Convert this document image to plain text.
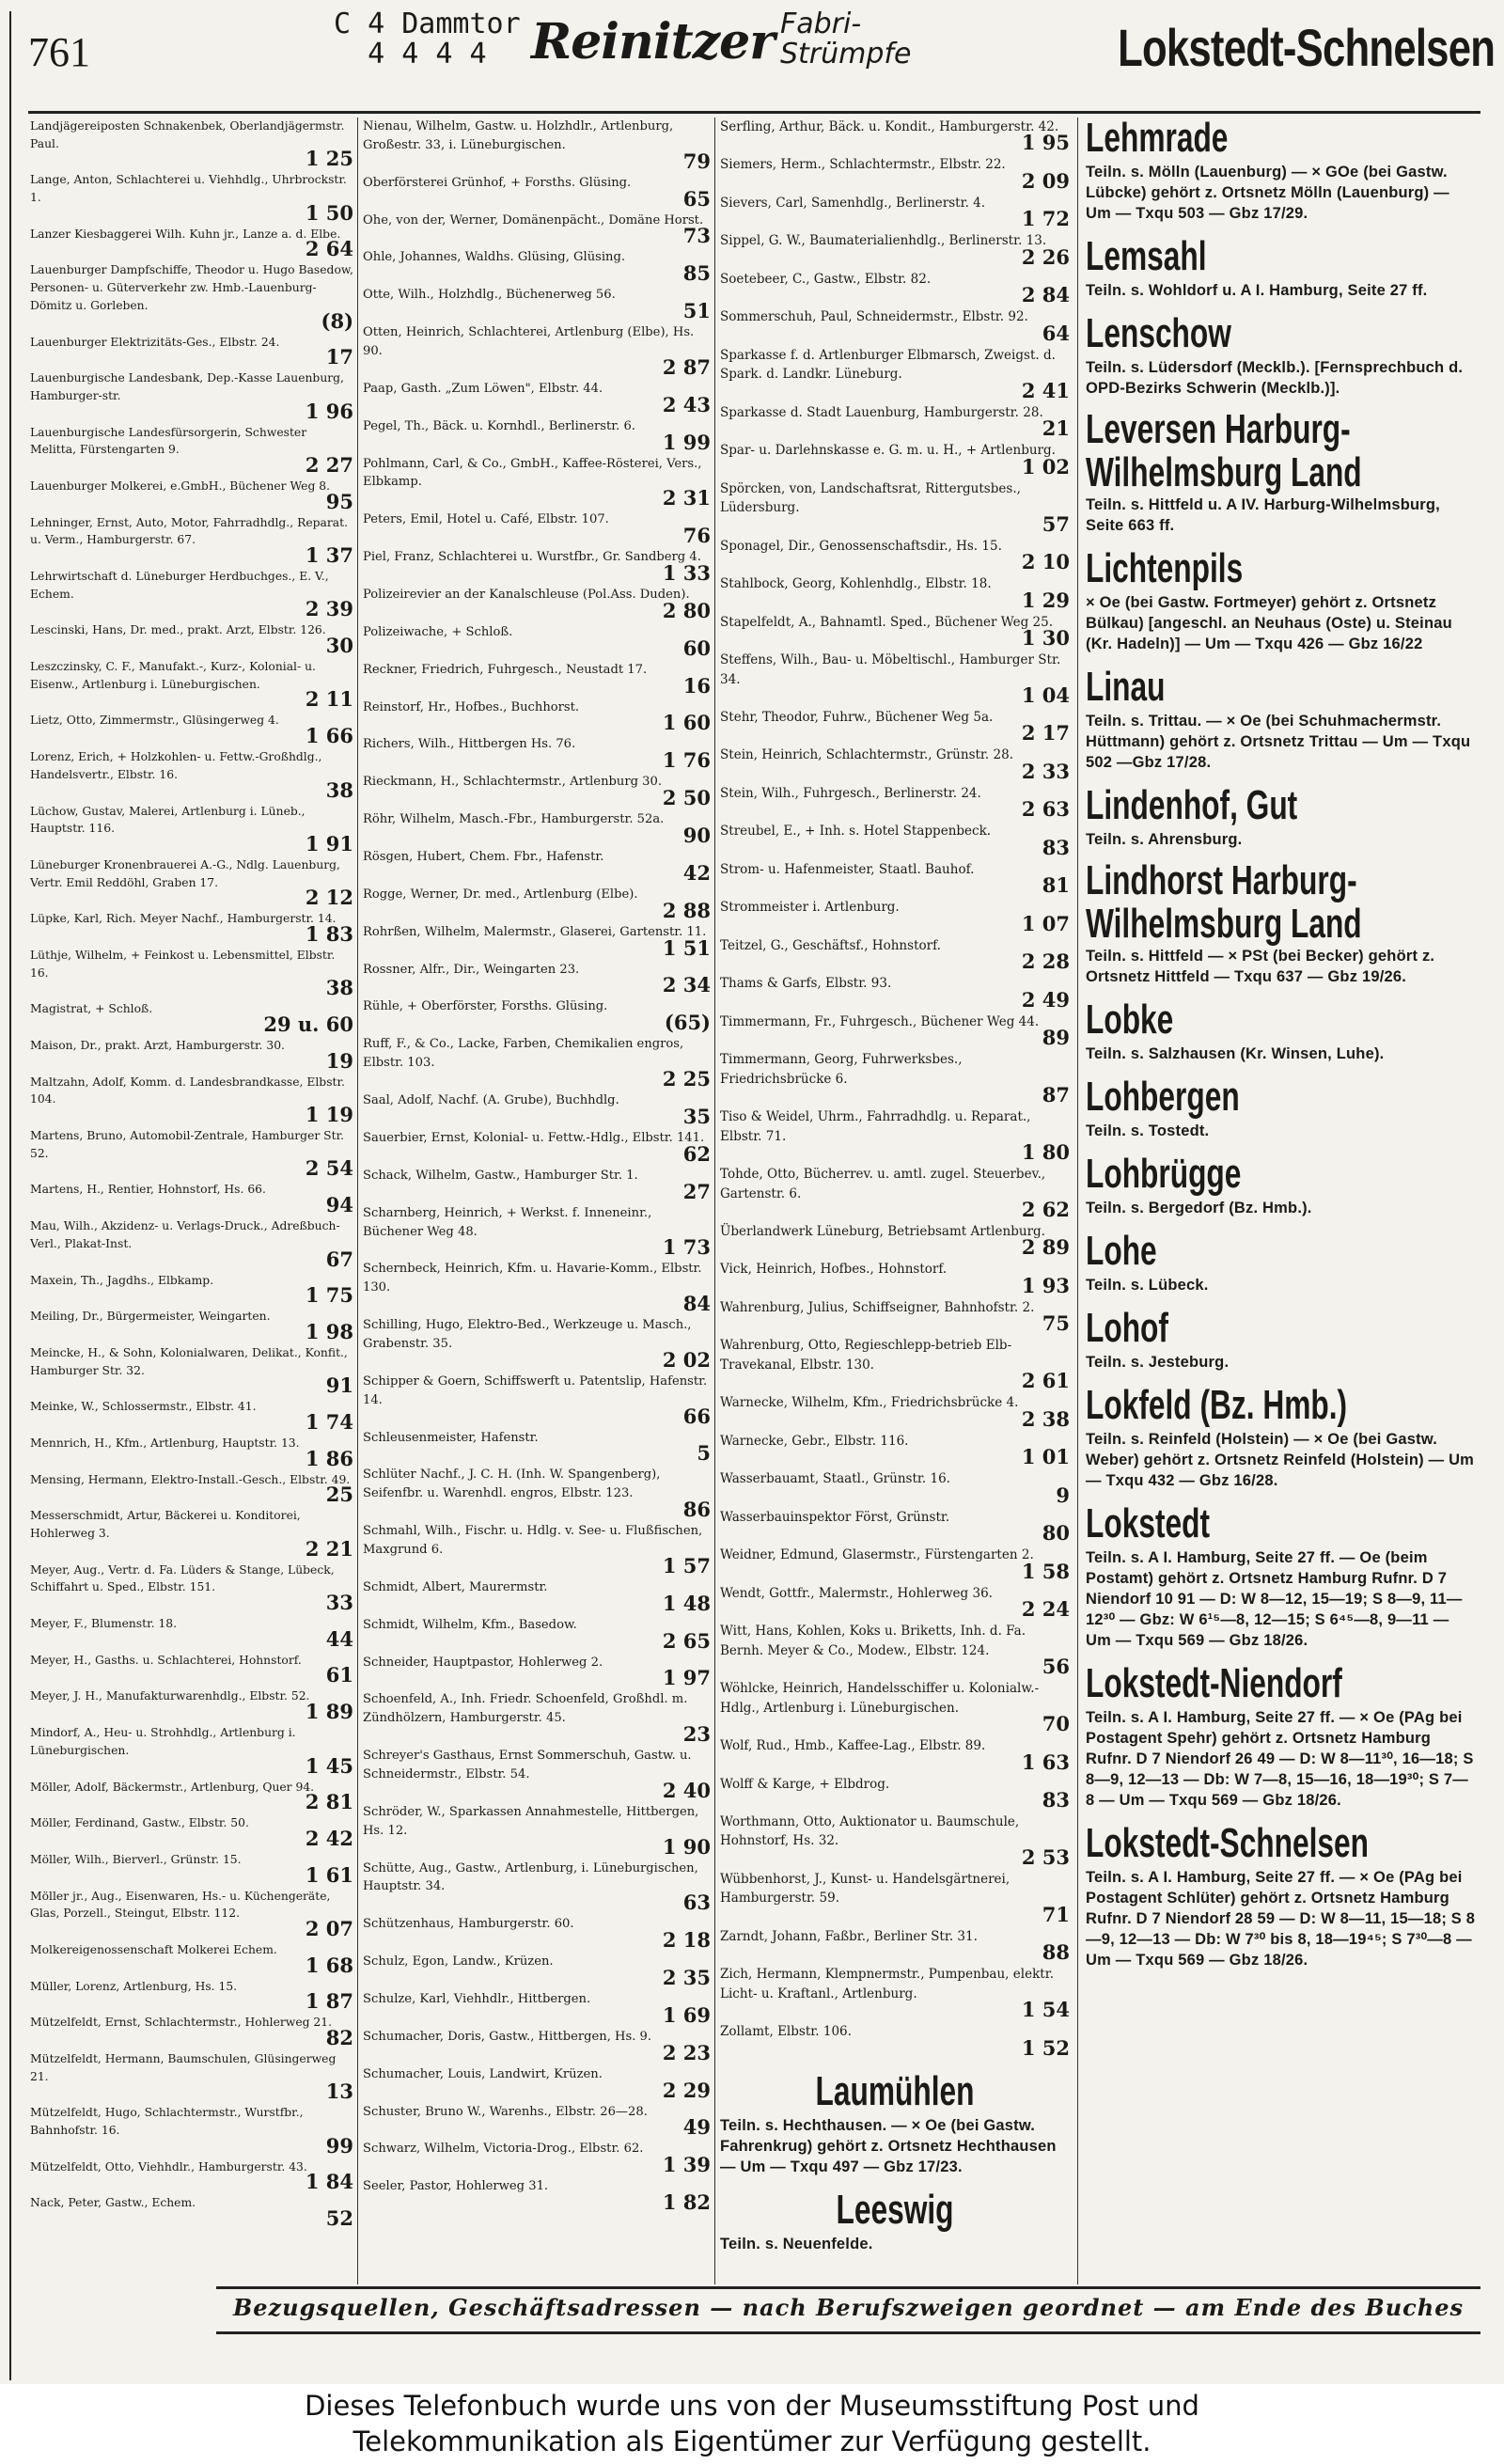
761
C 4 Dammtor
4 4 4 4 Reinitzer Fabri-
Strümpfe	Lokstedt-Schnelsen
Landjägereiposten Schnakenbek, Oberlandjägermstr. Paul.
1 25
Lange, Anton, Schlachterei u. Viehhdlg., Uhrbrockstr. 1.
1 50
Lanzer Kiesbaggerei Wilh. Kuhn jr., Lanze a. d. Elbe.
2 64
Lauenburger Dampfschiffe, Theodor u. Hugo Basedow, Personen- u. Güterverkehr zw. Hmb.-Lauenburg-Dömitz u. Gorleben.
(8)
Lauenburger Elektrizitäts-Ges., Elbstr. 24.
17
Lauenburgische Landesbank, Dep.-Kasse Lauenburg, Hamburger-str.
1 96
Lauenburgische Landesfürsorgerin, Schwester Melitta, Fürstengarten 9.
2 27
Lauenburger Molkerei, e.GmbH., Büchener Weg 8.
95
Lehninger, Ernst, Auto, Motor, Fahrradhdlg., Reparat. u. Verm., Hamburgerstr. 67.
1 37
Lehrwirtschaft d. Lüneburger Herdbuchges., E. V., Echem.
2 39
Lescinski, Hans, Dr. med., prakt. Arzt, Elbstr. 126.
30
Leszczinsky, C. F., Manufakt.-, Kurz-, Kolonial- u. Eisenw., Artlenburg i. Lüneburgischen.
2 11
Lietz, Otto, Zimmermstr., Glüsingerweg 4.
1 66
Lorenz, Erich, + Holzkohlen- u. Fettw.-Großhdlg., Handelsvertr., Elbstr. 16.
38
Lüchow, Gustav, Malerei, Artlenburg i. Lüneb., Hauptstr. 116.
1 91
Lüneburger Kronenbrauerei A.-G., Ndlg. Lauenburg, Vertr. Emil Reddöhl, Graben 17.
2 12
Lüpke, Karl, Rich. Meyer Nachf., Hamburgerstr. 14.
1 83
Lüthje, Wilhelm, + Feinkost u. Lebensmittel, Elbstr. 16.
38
Magistrat, + Schloß.
29 u. 60
Maison, Dr., prakt. Arzt, Hamburgerstr. 30.
19
Maltzahn, Adolf, Komm. d. Landesbrandkasse, Elbstr. 104.
1 19
Martens, Bruno, Automobil-Zentrale, Hamburger Str. 52.
2 54
Martens, H., Rentier, Hohnstorf, Hs. 66.
94
Mau, Wilh., Akzidenz- u. Verlags-Druck., Adreßbuch-Verl., Plakat-Inst.
67
Maxein, Th., Jagdhs., Elbkamp.
1 75
Meiling, Dr., Bürgermeister, Weingarten.
1 98
Meincke, H., & Sohn, Kolonialwaren, Delikat., Konfit., Hamburger Str. 32.
91
Meinke, W., Schlossermstr., Elbstr. 41.
1 74
Mennrich, H., Kfm., Artlenburg, Hauptstr. 13.
1 86
Mensing, Hermann, Elektro-Install.-Gesch., Elbstr. 49.
25
Messerschmidt, Artur, Bäckerei u. Konditorei, Hohlerweg 3.
2 21
Meyer, Aug., Vertr. d. Fa. Lüders & Stange, Lübeck, Schiffahrt u. Sped., Elbstr. 151.
33
Meyer, F., Blumenstr. 18.
44
Meyer, H., Gasths. u. Schlachterei, Hohnstorf.
61
Meyer, J. H., Manufakturwarenhdlg., Elbstr. 52.
1 89
Mindorf, A., Heu- u. Strohhdlg., Artlenburg i. Lüneburgischen.
1 45
Möller, Adolf, Bäckermstr., Artlenburg, Quer 94.
2 81
Möller, Ferdinand, Gastw., Elbstr. 50.
2 42
Möller, Wilh., Bierverl., Grünstr. 15.
1 61
Möller jr., Aug., Eisenwaren, Hs.- u. Küchengeräte, Glas, Porzell., Steingut, Elbstr. 112.
2 07
Molkereigenossenschaft Molkerei Echem.
1 68
Müller, Lorenz, Artlenburg, Hs. 15.
1 87
Mützelfeldt, Ernst, Schlachtermstr., Hohlerweg 21.
82
Mützelfeldt, Hermann, Baumschulen, Glüsingerweg 21.
13
Mützelfeldt, Hugo, Schlachtermstr., Wurstfbr., Bahnhofstr. 16.
99
Mützelfeldt, Otto, Viehhdlr., Hamburgerstr. 43.
1 84
Nack, Peter, Gastw., Echem.
52
Nienau, Wilhelm, Gastw. u. Holzhdlr., Artlenburg, Großestr. 33, i. Lüneburgischen.
79
Oberförsterei Grünhof, + Forsths. Glüsing.
65
Ohe, von der, Werner, Domänenpächt., Domäne Horst.
73
Ohle, Johannes, Waldhs. Glüsing, Glüsing.
85
Otte, Wilh., Holzhdlg., Büchenerweg 56.
51
Otten, Heinrich, Schlachterei, Artlenburg (Elbe), Hs. 90.
2 87
Paap, Gasth. „Zum Löwen", Elbstr. 44.
2 43
Pegel, Th., Bäck. u. Kornhdl., Berlinerstr. 6.
1 99
Pohlmann, Carl, & Co., GmbH., Kaffee-Rösterei, Vers., Elbkamp.
2 31
Peters, Emil, Hotel u. Café, Elbstr. 107.
76
Piel, Franz, Schlachterei u. Wurstfbr., Gr. Sandberg 4.
1 33
Polizeirevier an der Kanalschleuse (Pol.Ass. Duden).
2 80
Polizeiwache, + Schloß.
60
Reckner, Friedrich, Fuhrgesch., Neustadt 17.
16
Reinstorf, Hr., Hofbes., Buchhorst.
1 60
Richers, Wilh., Hittbergen Hs. 76.
1 76
Rieckmann, H., Schlachtermstr., Artlenburg 30.
2 50
Röhr, Wilhelm, Masch.-Fbr., Hamburgerstr. 52a.
90
Rösgen, Hubert, Chem. Fbr., Hafenstr.
42
Rogge, Werner, Dr. med., Artlenburg (Elbe).
2 88
Rohrßen, Wilhelm, Malermstr., Glaserei, Gartenstr. 11.
1 51
Rossner, Alfr., Dir., Weingarten 23.
2 34
Rühle, + Oberförster, Forsths. Glüsing.
(65)
Ruff, F., & Co., Lacke, Farben, Chemikalien engros, Elbstr. 103.
2 25
Saal, Adolf, Nachf. (A. Grube), Buchhdlg.
35
Sauerbier, Ernst, Kolonial- u. Fettw.-Hdlg., Elbstr. 141.
62
Schack, Wilhelm, Gastw., Hamburger Str. 1.
27
Scharnberg, Heinrich, + Werkst. f. Inneneinr., Büchener Weg 48.
1 73
Schernbeck, Heinrich, Kfm. u. Havarie-Komm., Elbstr. 130.
84
Schilling, Hugo, Elektro-Bed., Werkzeuge u. Masch., Grabenstr. 35.
2 02
Schipper & Goern, Schiffswerft u. Patentslip, Hafenstr. 14.
66
Schleusenmeister, Hafenstr.
5
Schlüter Nachf., J. C. H. (Inh. W. Spangenberg), Seifenfbr. u. Warenhdl. engros, Elbstr. 123.
86
Schmahl, Wilh., Fischr. u. Hdlg. v. See- u. Flußfischen, Maxgrund 6.
1 57
Schmidt, Albert, Maurermstr.
1 48
Schmidt, Wilhelm, Kfm., Basedow.
2 65
Schneider, Hauptpastor, Hohlerweg 2.
1 97
Schoenfeld, A., Inh. Friedr. Schoenfeld, Großhdl. m. Zündhölzern, Hamburgerstr. 45.
23
Schreyer's Gasthaus, Ernst Sommerschuh, Gastw. u. Schneidermstr., Elbstr. 54.
2 40
Schröder, W., Sparkassen Annahmestelle, Hittbergen, Hs. 12.
1 90
Schütte, Aug., Gastw., Artlenburg, i. Lüneburgischen, Hauptstr. 34.
63
Schützenhaus, Hamburgerstr. 60.
2 18
Schulz, Egon, Landw., Krüzen.
2 35
Schulze, Karl, Viehhdlr., Hittbergen.
1 69
Schumacher, Doris, Gastw., Hittbergen, Hs. 9.
2 23
Schumacher, Louis, Landwirt, Krüzen.
2 29
Schuster, Bruno W., Warenhs., Elbstr. 26—28.
49
Schwarz, Wilhelm, Victoria-Drog., Elbstr. 62.
1 39
Seeler, Pastor, Hohlerweg 31.
1 82
Serfling, Arthur, Bäck. u. Kondit., Hamburgerstr. 42.
1 95
Siemers, Herm., Schlachtermstr., Elbstr. 22.
2 09
Sievers, Carl, Samenhdlg., Berlinerstr. 4.
1 72
Sippel, G. W., Baumaterialienhdlg., Berlinerstr. 13.
2 26
Soetebeer, C., Gastw., Elbstr. 82.
2 84
Sommerschuh, Paul, Schneidermstr., Elbstr. 92.
64
Sparkasse f. d. Artlenburger Elbmarsch, Zweigst. d. Spark. d. Landkr. Lüneburg.
2 41
Sparkasse d. Stadt Lauenburg, Hamburgerstr. 28.
21
Spar- u. Darlehnskasse e. G. m. u. H., + Artlenburg.
1 02
Spörcken, von, Landschaftsrat, Rittergutsbes., Lüdersburg.
57
Sponagel, Dir., Genossenschaftsdir., Hs. 15.
2 10
Stahlbock, Georg, Kohlenhdlg., Elbstr. 18.
1 29
Stapelfeldt, A., Bahnamtl. Sped., Büchener Weg 25.
1 30
Steffens, Wilh., Bau- u. Möbeltischl., Hamburger Str. 34.
1 04
Stehr, Theodor, Fuhrw., Büchener Weg 5a.
2 17
Stein, Heinrich, Schlachtermstr., Grünstr. 28.
2 33
Stein, Wilh., Fuhrgesch., Berlinerstr. 24.
2 63
Streubel, E., + Inh. s. Hotel Stappenbeck.
83
Strom- u. Hafenmeister, Staatl. Bauhof.
81
Strommeister i. Artlenburg.
1 07
Teitzel, G., Geschäftsf., Hohnstorf.
2 28
Thams & Garfs, Elbstr. 93.
2 49
Timmermann, Fr., Fuhrgesch., Büchener Weg 44.
89
Timmermann, Georg, Fuhrwerksbes., Friedrichsbrücke 6.
87
Tiso & Weidel, Uhrm., Fahrradhdlg. u. Reparat., Elbstr. 71.
1 80
Tohde, Otto, Bücherrev. u. amtl. zugel. Steuerbev., Gartenstr. 6.
2 62
Überlandwerk Lüneburg, Betriebsamt Artlenburg.
2 89
Vick, Heinrich, Hofbes., Hohnstorf.
1 93
Wahrenburg, Julius, Schiffseigner, Bahnhofstr. 2.
75
Wahrenburg, Otto, Regieschlepp-betrieb Elb-Travekanal, Elbstr. 130.
2 61
Warnecke, Wilhelm, Kfm., Friedrichsbrücke 4.
2 38
Warnecke, Gebr., Elbstr. 116.
1 01
Wasserbauamt, Staatl., Grünstr. 16.
9
Wasserbauinspektor Först, Grünstr.
80
Weidner, Edmund, Glasermstr., Fürstengarten 2.
1 58
Wendt, Gottfr., Malermstr., Hohlerweg 36.
2 24
Witt, Hans, Kohlen, Koks u. Briketts, Inh. d. Fa. Bernh. Meyer & Co., Modew., Elbstr. 124.
56
Wöhlcke, Heinrich, Handelsschiffer u. Kolonialw.-Hdlg., Artlenburg i. Lüneburgischen.
70
Wolf, Rud., Hmb., Kaffee-Lag., Elbstr. 89.
1 63
Wolff & Karge, + Elbdrog.
83
Worthmann, Otto, Auktionator u. Baumschule, Hohnstorf, Hs. 32.
2 53
Wübbenhorst, J., Kunst- u. Handelsgärtnerei, Hamburgerstr. 59.
71
Zarndt, Johann, Faßbr., Berliner Str. 31.
88
Zich, Hermann, Klempnermstr., Pumpenbau, elektr. Licht- u. Kraftanl., Artlenburg.
1 54
Zollamt, Elbstr. 106.
1 52
Laumühlen
Teiln. s. Hechthausen. — × Oe (bei Gastw. Fahrenkrug) gehört z. Ortsnetz Hechthausen — Um — Txqu 497 — Gbz 17/23.
Leeswig
Teiln. s. Neuenfelde.
Lehmrade
Teiln. s. Mölln (Lauenburg) — × GOe (bei Gastw. Lübcke) gehört z. Ortsnetz Mölln (Lauenburg) — Um — Txqu 503 — Gbz 17/29.
Lemsahl
Teiln. s. Wohldorf u. A I. Hamburg, Seite 27 ff.
Lenschow
Teiln. s. Lüdersdorf (Mecklb.). [Fernsprechbuch d. OPD-Bezirks Schwerin (Mecklb.)].
Leversen Harburg-Wilhelmsburg Land
Teiln. s. Hittfeld u. A IV. Harburg-Wilhelmsburg, Seite 663 ff.
Lichtenpils
× Oe (bei Gastw. Fortmeyer) gehört z. Ortsnetz Bülkau) [angeschl. an Neuhaus (Oste) u. Steinau (Kr. Hadeln)] — Um — Txqu 426 — Gbz 16/22
Linau
Teiln. s. Trittau. — × Oe (bei Schuhmachermstr. Hüttmann) gehört z. Ortsnetz Trittau — Um — Txqu 502 —Gbz 17/28.
Lindenhof, Gut
Teiln. s. Ahrensburg.
Lindhorst Harburg-Wilhelmsburg Land
Teiln. s. Hittfeld — × PSt (bei Becker) gehört z. Ortsnetz Hittfeld — Txqu 637 — Gbz 19/26.
Lobke
Teiln. s. Salzhausen (Kr. Winsen, Luhe).
Lohbergen
Teiln. s. Tostedt.
Lohbrügge
Teiln. s. Bergedorf (Bz. Hmb.).
Lohe
Teiln. s. Lübeck.
Lohof
Teiln. s. Jesteburg.
Lokfeld (Bz. Hmb.)
Teiln. s. Reinfeld (Holstein) — × Oe (bei Gastw. Weber) gehört z. Ortsnetz Reinfeld (Holstein) — Um — Txqu 432 — Gbz 16/28.
Lokstedt
Teiln. s. A I. Hamburg, Seite 27 ff. — Oe (beim Postamt) gehört z. Ortsnetz Hamburg Rufnr. D 7 Niendorf 10 91 — D: W 8—12, 15—19; S 8—9, 11—12³⁰ — Gbz: W 6¹⁵—8, 12—15; S 6⁴⁵—8, 9—11 — Um — Txqu 569 — Gbz 18/26.
Lokstedt-Niendorf
Teiln. s. A I. Hamburg, Seite 27 ff. — × Oe (PAg bei Postagent Spehr) gehört z. Ortsnetz Hamburg Rufnr. D 7 Niendorf 26 49 — D: W 8—11³⁰, 16—18; S 8—9, 12—13 — Db: W 7—8, 15—16, 18—19³⁰; S 7—8 — Um — Txqu 569 — Gbz 18/26.
Lokstedt-Schnelsen
Teiln. s. A I. Hamburg, Seite 27 ff. — × Oe (PAg bei Postagent Schlüter) gehört z. Ortsnetz Hamburg Rufnr. D 7 Niendorf 28 59 — D: W 8—11, 15—18; S 8—9, 12—13 — Db: W 7³⁰ bis 8, 18—19⁴⁵; S 7³⁰—8 — Um — Txqu 569 — Gbz 18/26.
Bezugsquellen, Geschäftsadressen — nach Berufszweigen geordnet — am Ende des Buches
Dieses Telefonbuch wurde uns von der Museumsstiftung Post und
Telekommunikation als Eigentümer zur Verfügung gestellt.
